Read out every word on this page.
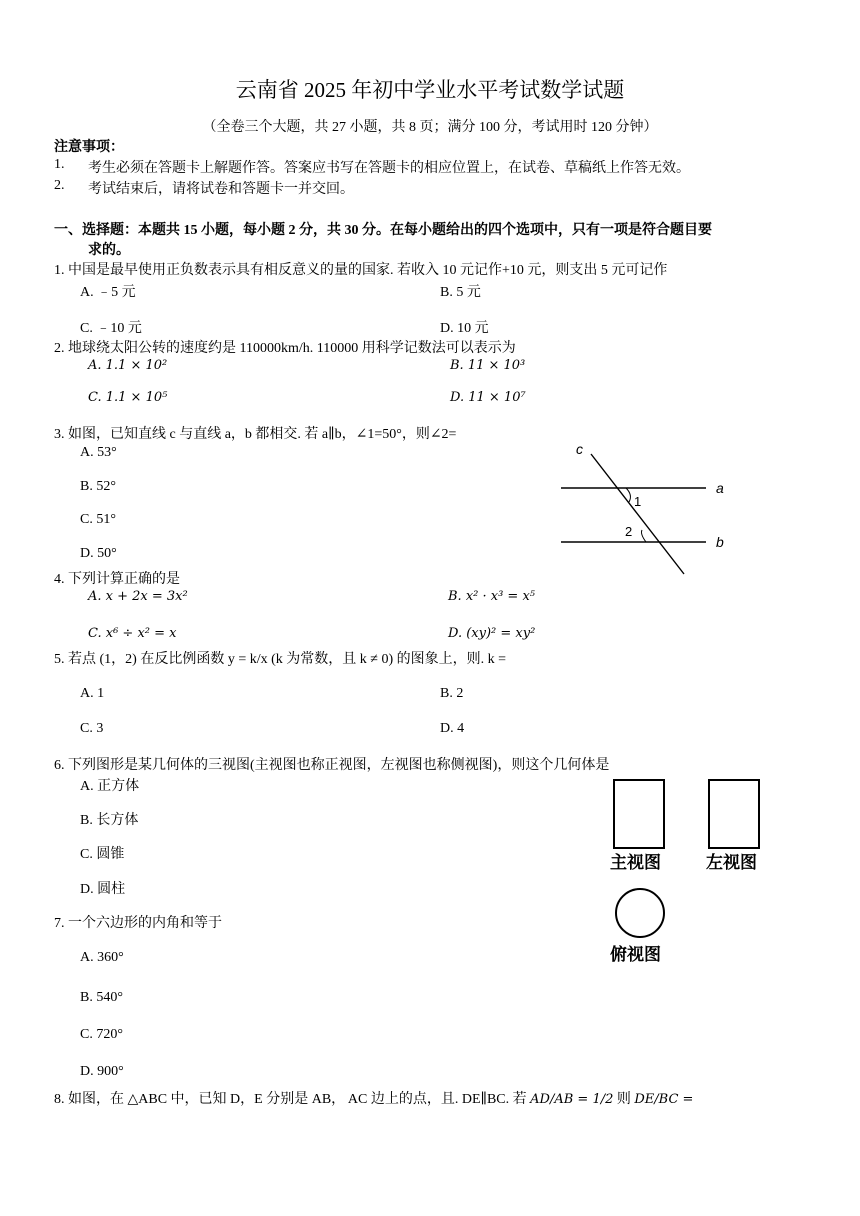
云南省 2025 年初中学业水平考试数学试题
（全卷三个大题，共 27 小题，共 8 页；满分 100 分，考试用时 120 分钟）
注意事项：
1. 考生必须在答题卡上解题作答。答案应书写在答题卡的相应位置上，在试卷、草稿纸上作答无效。
2. 考试结束后，请将试卷和答题卡一并交回。
一、选择题：本题共 15 小题，每小题 2 分，共 30 分。在每小题给出的四个选项中，只有一项是符合题目要
求的。
1. 中国是最早使用正负数表示具有相反意义的量的国家. 若收入 10 元记作+10 元，则支出 5 元可记作
A. ﹣5 元	B. 5 元
C. ﹣10 元	D. 10 元
2. 地球绕太阳公转的速度约是 110000km/h. 110000 用科学记数法可以表示为
A. 1.1 × 10²	B. 11 × 10³
C. 1.1 × 10⁵	D. 11 × 10⁷
3. 如图，已知直线 c 与直线 a，b 都相交. 若 a∥b，∠1=50°，则∠2=
A. 53°
B. 52°
C. 51°
D. 50°
c
a
b
1
2
4. 下列计算正确的是
A. x + 2x = 3x²	B. x² · x³ = x⁵
C. x⁶ ÷ x² = x	D. (xy)² = xy²
5. 若点 (1，2) 在反比例函数 y = k/x (k 为常数，且 k ≠ 0) 的图象上，则. k =
A. 1	B. 2
C. 3	D. 4
6. 下列图形是某几何体的三视图(主视图也称正视图，左视图也称侧视图)，则这个几何体是
A. 正方体
B. 长方体
C. 圆锥
D. 圆柱
主视图	左视图
俯视图
7. 一个六边形的内角和等于
A. 360°
B. 540°
C. 720°
D. 900°
8. 如图，在 △ABC 中，已知 D，E 分别是 AB， AC 边上的点，且. DE∥BC. 若 AD/AB = 1/2 则 DE/BC =
